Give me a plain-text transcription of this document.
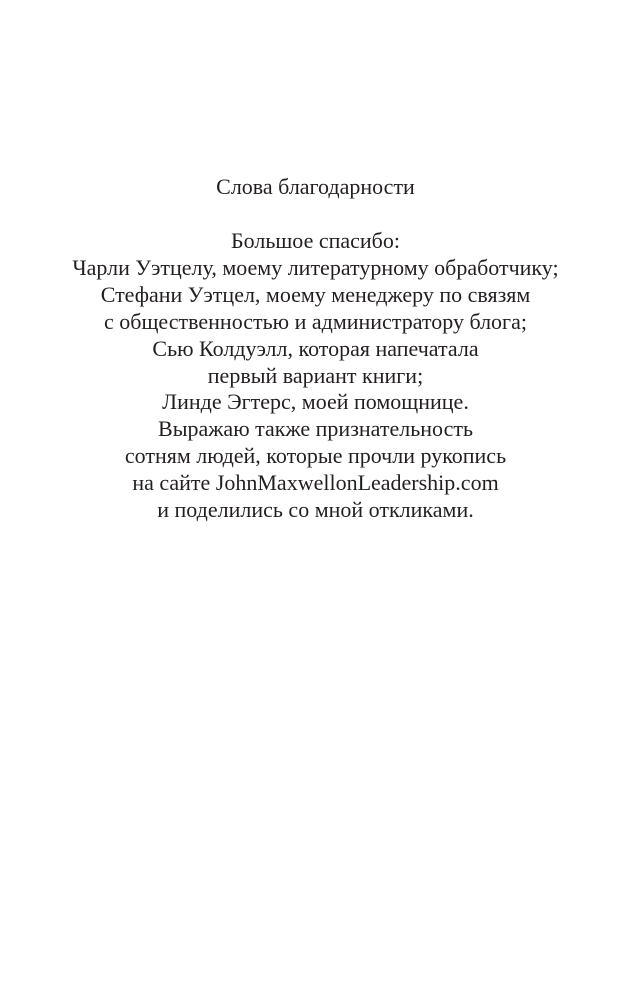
Слова благодарности
Большое спасибо:
Чарли Уэтцелу, моему литературному обработчику;
Стефани Уэтцел, моему менеджеру по связям
с общественностью и администратору блога;
Сью Колдуэлл, которая напечатала
первый вариант книги;
Линде Эгтерс, моей помощнице.
Выражаю также признательность
сотням людей, которые прочли рукопись
на сайте JohnMaxwellonLeadership.com
и поделились со мной откликами.
